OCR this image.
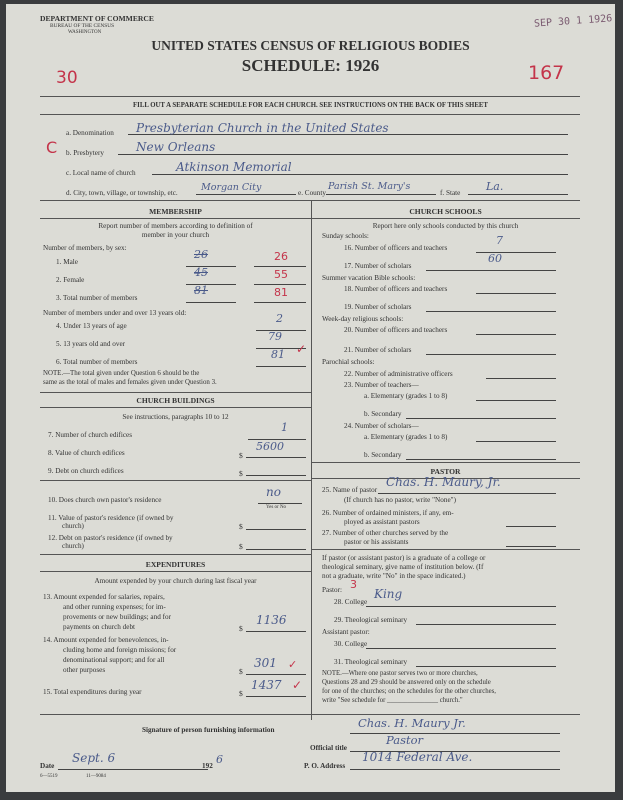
DEPARTMENT OF COMMERCE
BUREAU OF THE CENSUS
WASHINGTON
SEP 30 1 1926
UNITED STATES CENSUS OF RELIGIOUS BODIES
SCHEDULE: 1926
30	167
FILL OUT A SEPARATE SCHEDULE FOR EACH CHURCH. SEE INSTRUCTIONS ON THE BACK OF THIS SHEET
C
a. Denomination Presbyterian Church in the United States
b. Presbytery	New Orleans
c. Local name of church	Atkinson Memorial
d. City, town, village, or township, etc. Morgan City	e. County
Parish St. Mary's
f. State La.
MEMBERSHIP
Report number of members according to definition of
member in your church
Number of members, by sex:
1. Male
26	26
2. Female
45	55
3. Total number of members
81	81
Number of members under and over 13 years old:
4. Under 13 years of age
2
5. 13 years old and over
79
6. Total number of members
81 ✓
NOTE.—The total given under Question 6 should be the
same as the total of males and females given under Question 3.
CHURCH BUILDINGS
See instructions, paragraphs 10 to 12
7. Number of church edifices
1
8. Value of church edifices	$
5600
9. Debt on church edifices	$
10. Does church own pastor's residence
no
Yes or No
11. Value of pastor's residence (if owned by
church)	$
12. Debt on pastor's residence (if owned by
church)	$
EXPENDITURES
Amount expended by your church during last fiscal year
13. Amount expended for salaries, repairs,
and other running expenses; for im-
provements or new buildings; and for
payments on church debt	$
1136
14. Amount expended for benevolences, in-
cluding home and foreign missions; for
denominational support; and for all
other purposes	$
301 ✓
15. Total expenditures during year	$
1437 ✓
CHURCH SCHOOLS
Report here only schools conducted by this church
Sunday schools:
16. Number of officers and teachers
7
17. Number of scholars
60
Summer vacation Bible schools:
18. Number of officers and teachers
19. Number of scholars
Week-day religious schools:
20. Number of officers and teachers
21. Number of scholars
Parochial schools:
22. Number of administrative officers
23. Number of teachers—
a. Elementary (grades 1 to 8)
b. Secondary
24. Number of scholars—
a. Elementary (grades 1 to 8)
b. Secondary
PASTOR
25. Name of pastor
Chas. H. Maury, Jr.
(If church has no pastor, write "None")
26. Number of ordained ministers, if any, em-
ployed as assistant pastors
27. Number of other churches served by the
pastor or his assistants
If pastor (or assistant pastor) is a graduate of a college or
theological seminary, give name of institution below. (If
not a graduate, write "No" in the space indicated.)
Pastor: 3
28. College
King
29. Theological seminary
Assistant pastor:
30. College
31. Theological seminary
NOTE.—Where one pastor serves two or more churches,
Questions 28 and 29 should be answered only on the schedule
for one of the churches; on the schedules for the other churches,
write "See schedule for _______________ church."
Signature of person furnishing information	Chas. H. Maury Jr.
Official title
Pastor
Date
Sept. 6
192 6	P. O. Address
1014 Federal Ave.
6—5519	11—9084
